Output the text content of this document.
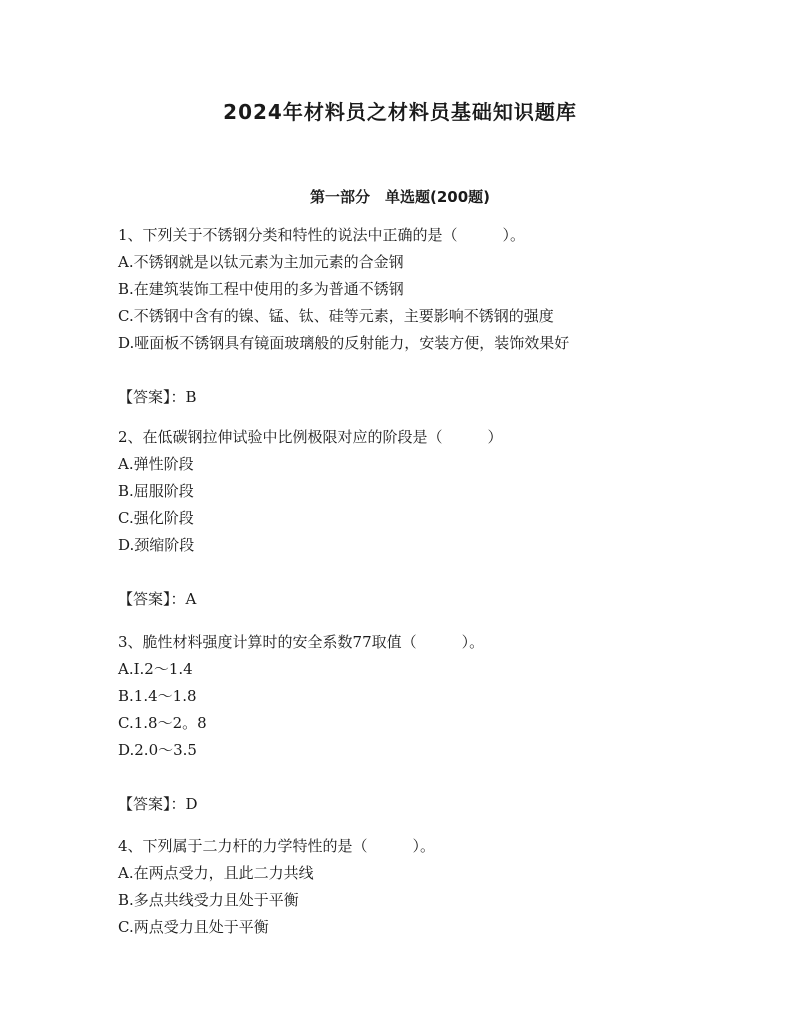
2024年材料员之材料员基础知识题库
第一部分　单选题(200题)
1、下列关于不锈钢分类和特性的说法中正确的是（　　　）。
A.不锈钢就是以钛元素为主加元素的合金钢
B.在建筑装饰工程中使用的多为普通不锈钢
C.不锈钢中含有的镍、锰、钛、硅等元素，主要影响不锈钢的强度
D.哑面板不锈钢具有镜面玻璃般的反射能力，安装方便，装饰效果好
【答案】：B
2、在低碳钢拉伸试验中比例极限对应的阶段是（　　　）
A.弹性阶段
B.屈服阶段
C.强化阶段
D.颈缩阶段
【答案】：A
3、脆性材料强度计算时的安全系数77取值（　　　）。
A.I.2～1.4
B.1.4～1.8
C.1.8～2。8
D.2.0～3.5
【答案】：D
4、下列属于二力杆的力学特性的是（　　　）。
A.在两点受力，且此二力共线
B.多点共线受力且处于平衡
C.两点受力且处于平衡
